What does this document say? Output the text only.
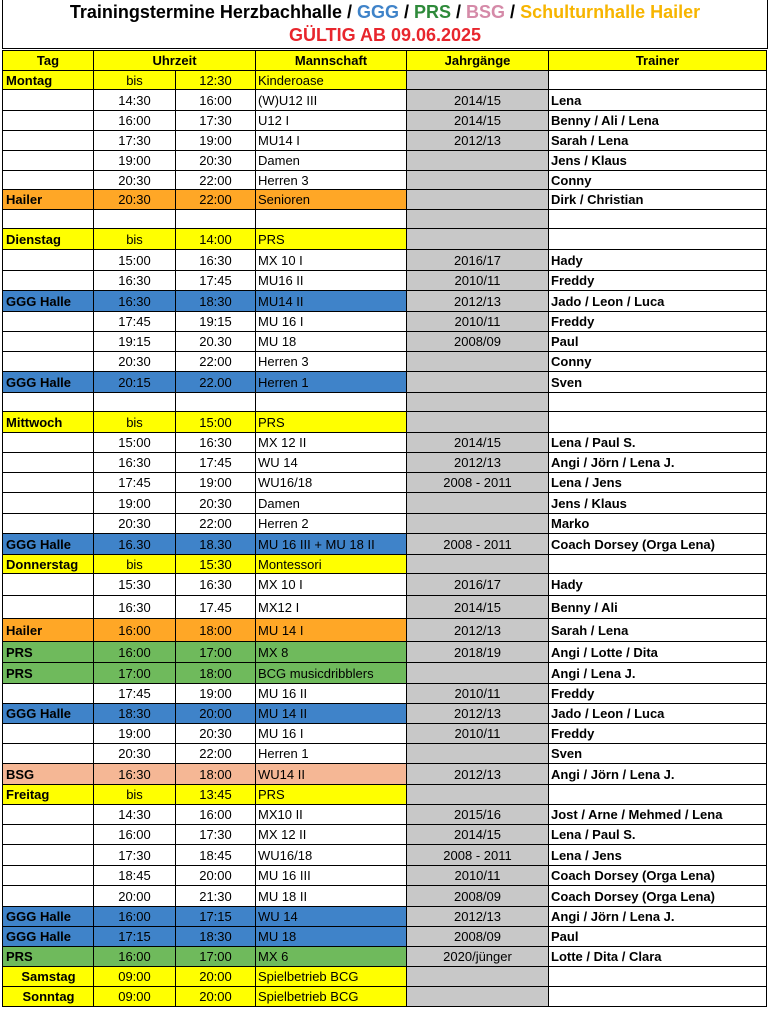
Trainingstermine Herzbachhalle / GGG / PRS / BSG / Schulturnhalle Hailer
GÜLTIG AB 09.06.2025
Tag	Uhrzeit		Mannschaft	Jahrgänge	Trainer
Montag	bis	12:30	Kinderoase		
	14:30	16:00	(W)U12 III	2014/15	Lena
	16:00	17:30	U12 I	2014/15	Benny / Ali / Lena
	17:30	19:00	MU14 I	2012/13	Sarah / Lena
	19:00	20:30	Damen		Jens / Klaus
	20:30	22:00	Herren 3		Conny
Hailer	20:30	22:00	Senioren		Dirk / Christian

Dienstag	bis	14:00	PRS		
	15:00	16:30	MX 10 I	2016/17	Hady
	16:30	17:45	MU16 II	2010/11	Freddy
GGG Halle	16:30	18:30	MU14 II	2012/13	Jado / Leon / Luca
	17:45	19:15	MU 16 I	2010/11	Freddy
	19:15	20.30	MU 18	2008/09	Paul
	20:30	22:00	Herren 3		Conny
GGG Halle	20:15	22.00	Herren 1		Sven

Mittwoch	bis	15:00	PRS		
	15:00	16:30	MX 12 II	2014/15	Lena / Paul S.
	16:30	17:45	WU 14	2012/13	Angi / Jörn / Lena J.
	17:45	19:00	WU16/18	2008 - 2011	Lena / Jens
	19:00	20:30	Damen		Jens / Klaus
	20:30	22:00	Herren 2		Marko
GGG Halle	16.30	18.30	MU 16 III + MU 18 II	2008 - 2011	Coach Dorsey (Orga Lena)
Donnerstag	bis	15:30	Montessori		
	15:30	16:30	MX 10 I	2016/17	Hady
	16:30	17.45	MX12 I	2014/15	Benny / Ali
Hailer	16:00	18:00	MU 14 I	2012/13	Sarah / Lena
PRS	16:00	17:00	MX 8	2018/19	Angi / Lotte / Dita
PRS	17:00	18:00	BCG musicdribblers		Angi / Lena J.
	17:45	19:00	MU 16 II	2010/11	Freddy
GGG Halle	18:30	20:00	MU 14 II	2012/13	Jado / Leon / Luca
	19:00	20:30	MU 16 I	2010/11	Freddy
	20:30	22:00	Herren 1		Sven
BSG	16:30	18:00	WU14 II	2012/13	Angi / Jörn / Lena J.
Freitag	bis	13:45	PRS		
	14:30	16:00	MX10 II	2015/16	Jost / Arne / Mehmed / Lena
	16:00	17:30	MX 12 II	2014/15	Lena / Paul S.
	17:30	18:45	WU16/18	2008 - 2011	Lena / Jens
	18:45	20:00	MU 16 III	2010/11	Coach Dorsey (Orga Lena)
	20:00	21:30	MU 18 II	2008/09	Coach Dorsey (Orga Lena)
GGG Halle	16:00	17:15	WU 14	2012/13	Angi / Jörn / Lena J.
GGG Halle	17:15	18:30	MU 18	2008/09	Paul
PRS	16:00	17:00	MX 6	2020/jünger	Lotte / Dita / Clara
Samstag	09:00	20:00	Spielbetrieb BCG		
Sonntag	09:00	20:00	Spielbetrieb BCG		
